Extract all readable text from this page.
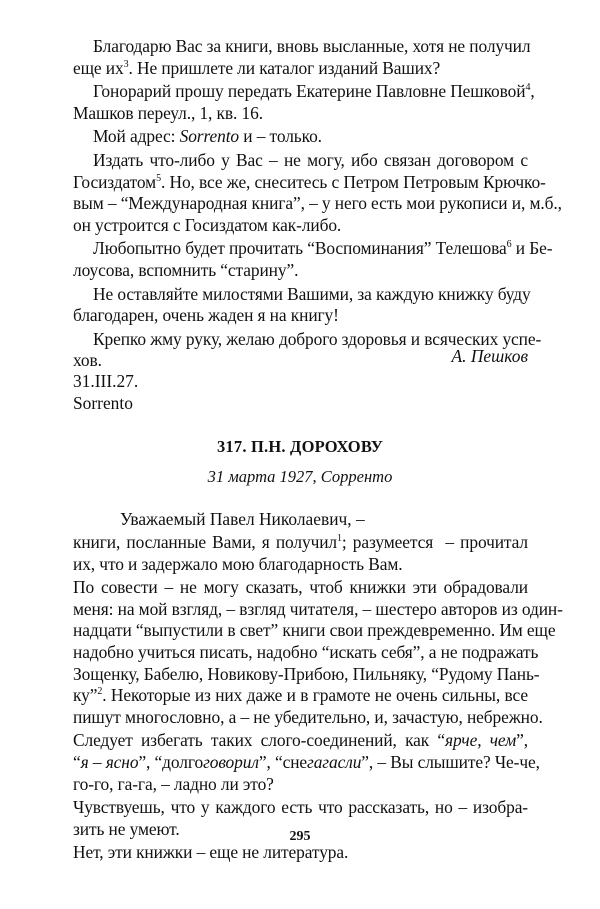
Благодарю Вас за книги, вновь высланные, хотя не получил
еще $их^3$. Не пришлете ли каталог изданий Ваших?

Гонорарий прошу передать Екатерине Павловне Пешковой$^4$,
Машков переул., 1, кв. 16.

Мой адрес: Sorrento и – только.

Издать что-либо у Вас – не могу, ибо связан договором с
Госиздатом$^5$. Но, все же, снеситесь с Петром Петровым Крючко-
вым – “Международная книга”, – у него есть мои рукописи и, м.б.,
он устроится с Госиздатом как-либо.

Любопытно будет прочитать “Воспоминания” Телешова$^6$ и Бе-
лоусова, вспомнить “старину”.

Не оставляйте милостями Вашими, за каждую книжку буду
благодарен, очень жаден я на книгу!

Крепко жму руку, желаю доброго здоровья и всяческих успе-
хов.	А. Пешков
31.III.27.
Sorrento
317. П.Н. ДОРОХОВУ
31 марта 1927, Сорренто
Уважаемый Павел Николаевич, –

книги, посланные Вами, я получил$^1$; разумеется  – прочитал
их, что и задержало мою благодарность Вам.

По совести – не могу сказать, чтоб книжки эти обрадовали
меня: на мой взгляд, – взгляд читателя, – шестеро авторов из один-
надцати “выпустили в свет” книги свои преждевременно. Им еще
надобно учиться писать, надобно “искать себя”, а не подражать
Зощенку, Бабелю, Новикову-Прибою, Пильняку, “Рудому Пань-
ку”$^2$. Некоторые из них даже и в грамоте не очень сильны, все
пишут многословно, а – не убедительно, и, зачастую, небрежно.

Следует избегать таких слого-соединений, как “ярче, чем”,
“я – ясно”, “долгоговорил”, “снегагасли”, – Вы слышите? Че-че,
го-го, га-га, – ладно ли это?

Чувствуешь, что у каждого есть что рассказать, но – изобра-
зить не умеют.

Нет, эти книжки – еще не литература.

295
